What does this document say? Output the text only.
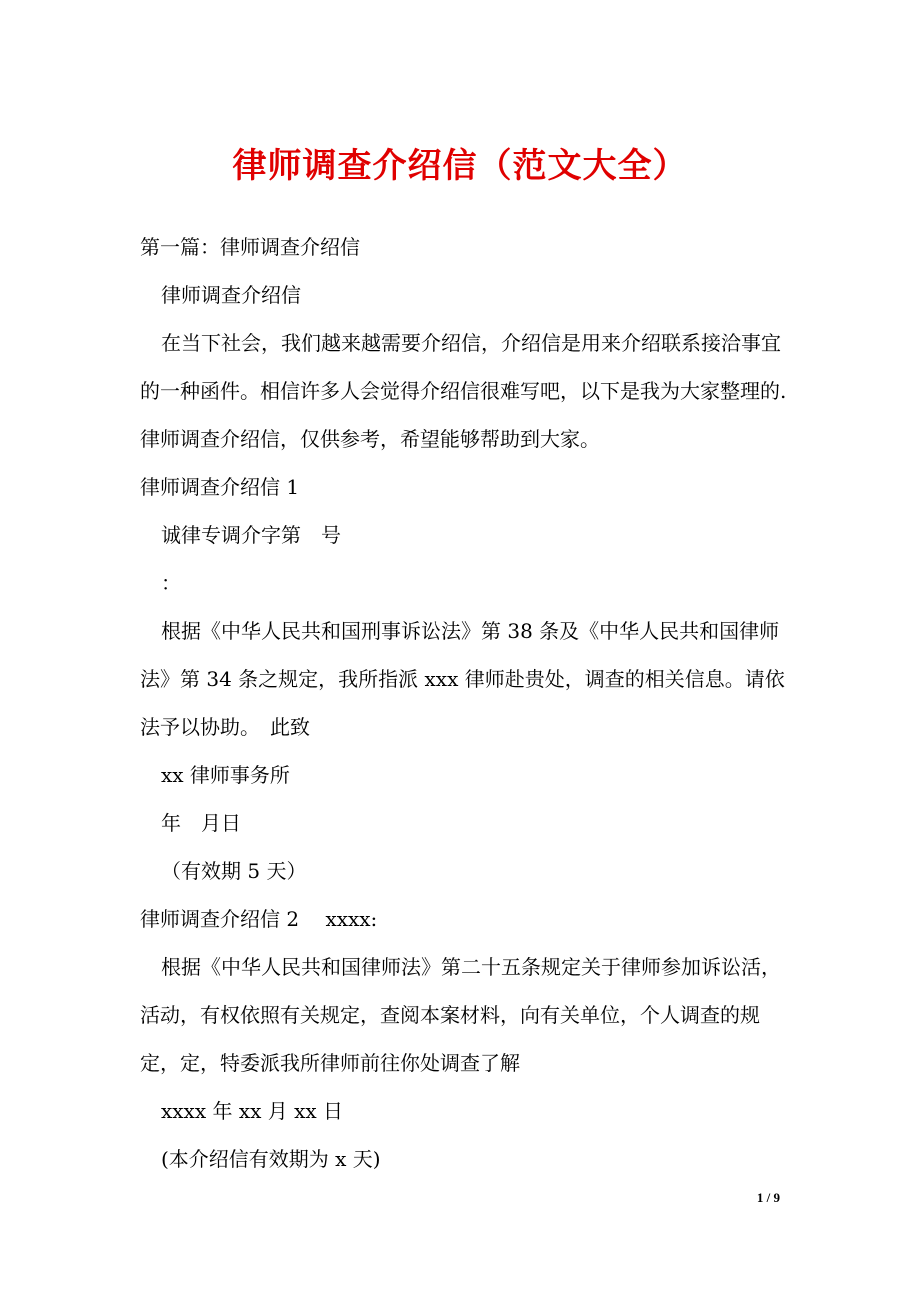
律师调查介绍信（范文大全）

第一篇：律师调查介绍信

律师调查介绍信

在当下社会，我们越来越需要介绍信，介绍信是用来介绍联系接洽事宜的一种函件。相信许多人会觉得介绍信很难写吧，以下是我为大家整理的.律师调查介绍信，仅供参考，希望能够帮助到大家。

律师调查介绍信 1

诚律专调介字第　号

：

根据《中华人民共和国刑事诉讼法》第 38 条及《中华人民共和国律师法》第 34 条之规定，我所指派 xxx 律师赴贵处，调查的相关信息。请依法予以协助。　此致

xx 律师事务所

年　月日

（有效期 5 天）

律师调查介绍信 2　 xxxx:

根据《中华人民共和国律师法》第二十五条规定关于律师参加诉讼活，活动，有权依照有关规定，查阅本案材料，向有关单位，个人调查的规定，定，特委派我所律师前往你处调查了解

xxxx 年 xx 月 xx 日

(本介绍信有效期为 x 天)

1 / 9
